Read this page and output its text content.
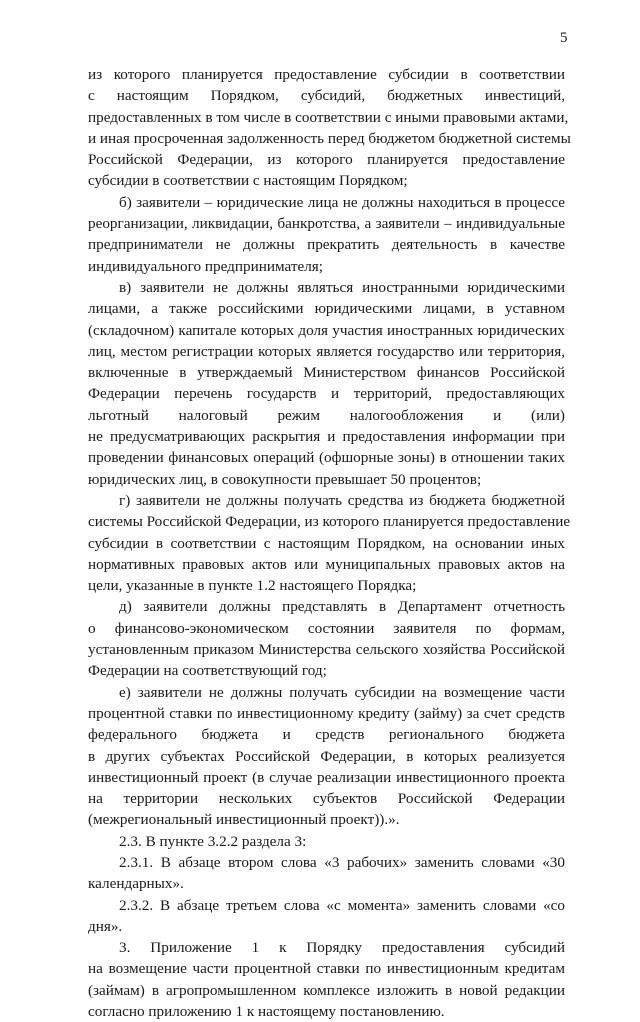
5
из которого планируется предоставление субсидии в соответствии
с настоящим Порядком, субсидий, бюджетных инвестиций,
предоставленных в том числе в соответствии с иными правовыми актами,
и иная просроченная задолженность перед бюджетом бюджетной системы
Российской Федерации, из которого планируется предоставление
субсидии в соответствии с настоящим Порядком;
б) заявители – юридические лица не должны находиться в процессе
реорганизации, ликвидации, банкротства, а заявители – индивидуальные
предприниматели не должны прекратить деятельность в качестве
индивидуального предпринимателя;
в) заявители не должны являться иностранными юридическими
лицами, а также российскими юридическими лицами, в уставном
(складочном) капитале которых доля участия иностранных юридических
лиц, местом регистрации которых является государство или территория,
включенные в утверждаемый Министерством финансов Российской
Федерации перечень государств и территорий, предоставляющих
льготный налоговый режим налогообложения и (или)
не предусматривающих раскрытия и предоставления информации при
проведении финансовых операций (офшорные зоны) в отношении таких
юридических лиц, в совокупности превышает 50 процентов;
г) заявители не должны получать средства из бюджета бюджетной
системы Российской Федерации, из которого планируется предоставление
субсидии в соответствии с настоящим Порядком, на основании иных
нормативных правовых актов или муниципальных правовых актов на
цели, указанные в пункте 1.2 настоящего Порядка;
д) заявители должны представлять в Департамент отчетность
о финансово-экономическом состоянии заявителя по формам,
установленным приказом Министерства сельского хозяйства Российской
Федерации на соответствующий год;
е) заявители не должны получать субсидии на возмещение части
процентной ставки по инвестиционному кредиту (займу) за счет средств
федерального бюджета и средств регионального бюджета
в других субъектах Российской Федерации, в которых реализуется
инвестиционный проект (в случае реализации инвестиционного проекта
на территории нескольких субъектов Российской Федерации
(межрегиональный инвестиционный проект)).».
2.3. В пункте 3.2.2 раздела 3:
2.3.1. В абзаце втором слова «3 рабочих» заменить словами «30
календарных».
2.3.2. В абзаце третьем слова «с момента» заменить словами «со
дня».
3. Приложение 1 к Порядку предоставления субсидий
на возмещение части процентной ставки по инвестиционным кредитам
(займам) в агропромышленном комплексе изложить в новой редакции
согласно приложению 1 к настоящему постановлению.
